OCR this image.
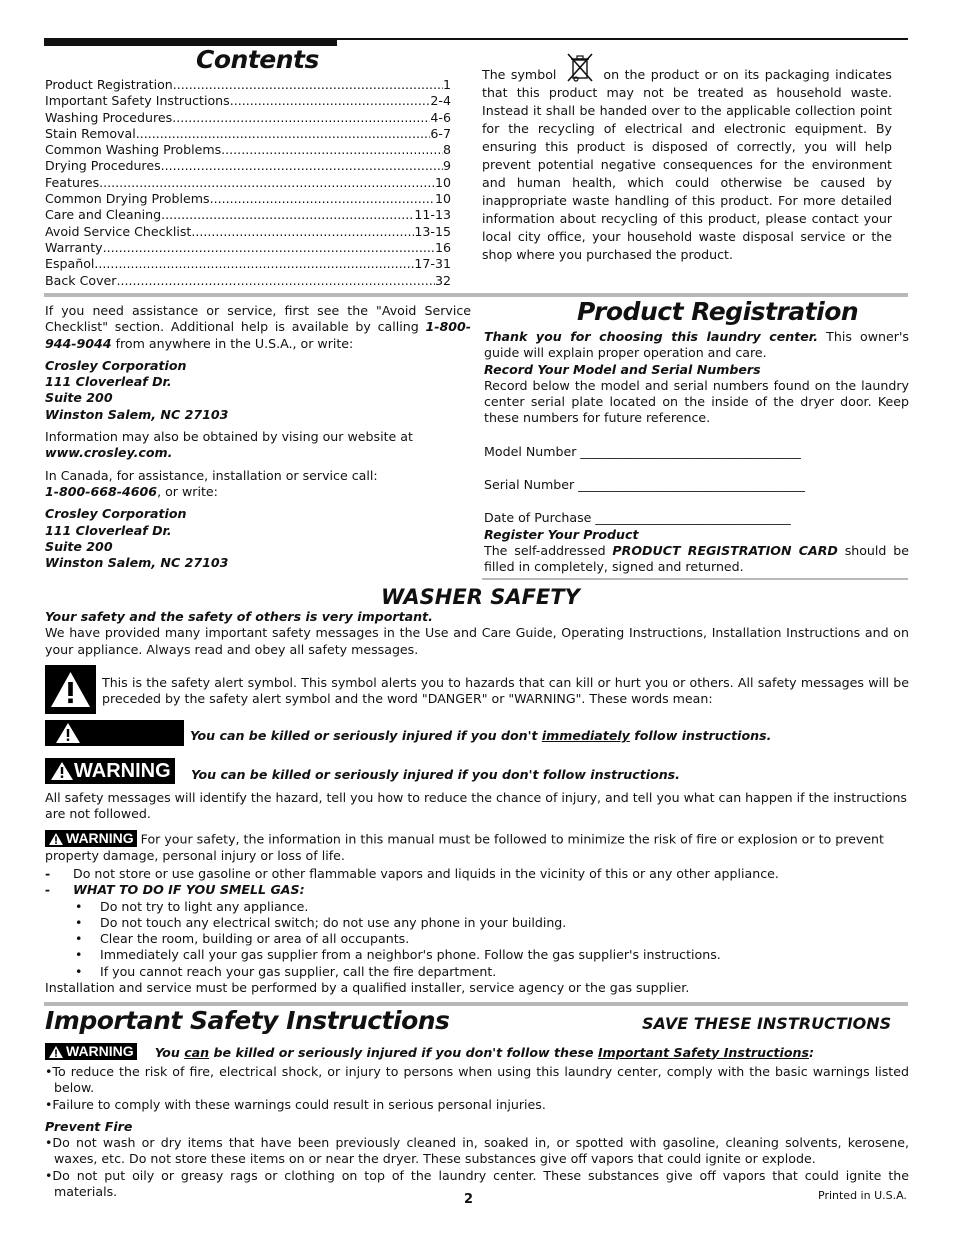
Contents
Product Registration .....	1
Important Safety Instructions .....	2-4
Washing Procedures .....	4-6
Stain Removal .....	6-7
Common Washing Problems .....	8
Drying Procedures .....	9
Features .....	10
Common Drying Problems .....	10
Care and Cleaning .....	11-13
Avoid Service Checklist .....	13-15
Warranty .....	16
Español .....	17-31
Back Cover .....	32
The symbol	on the product or on its packaging indicates that this product may not be treated as household waste. Instead it shall be handed over to the applicable collection point for the recycling of electrical and electronic equipment. By ensuring this product is disposed of correctly, you will help prevent potential negative consequences for the environment and human health, which could otherwise be caused by inappropriate waste handling of this product. For more detailed information about recycling of this product, please contact your local city office, your household waste disposal service or the shop where you purchased the product.

If you need assistance or service, first see the "Avoid Service Checklist" section. Additional help is available by calling 1-800-944-9044 from anywhere in the U.S.A., or write:

Crosley Corporation
111 Cloverleaf Dr.
Suite 200
Winston Salem, NC 27103

Information may also be obtained by vising our website at

www.crosley.com.

In Canada, for assistance, installation or service call:

1-800-668-4606, or write:

Crosley Corporation
111 Cloverleaf Dr.
Suite 200
Winston Salem, NC 27103
Product Registration

Thank you for choosing this laundry center. This owner's guide will explain proper operation and care.

Record Your Model and Serial Numbers

Record below the model and serial numbers found on the laundry center serial plate located on the inside of the dryer door. Keep these numbers for future reference.

Model Number ___________________________________

Serial Number ____________________________________

Date of Purchase _______________________________

Register Your Product

The self-addressed PRODUCT REGISTRATION CARD should be filled in completely, signed and returned.

WASHER SAFETY

Your safety and the safety of others is very important.

We have provided many important safety messages in the Use and Care Guide, Operating Instructions, Installation Instructions and on your appliance. Always read and obey all safety messages.

This is the safety alert symbol. This symbol alerts you to hazards that can kill or hurt you or others. All safety messages will be preceded by the safety alert symbol and the word "DANGER" or "WARNING". These words mean:
You can be killed or seriously injured if you don't immediately follow instructions.
WARNING You can be killed or seriously injured if you don't follow instructions.
All safety messages will identify the hazard, tell you how to reduce the chance of injury, and tell you what can happen if the instructions are not followed.
WARNING For your safety, the information in this manual must be followed to minimize the risk of fire or explosion or to prevent property damage, personal injury or loss of life.
- Do not store or use gasoline or other flammable vapors and liquids in the vicinity of this or any other appliance.
- WHAT TO DO IF YOU SMELL GAS:
• Do not try to light any appliance.
• Do not touch any electrical switch; do not use any phone in your building.
• Clear the room, building or area of all occupants.
• Immediately call your gas supplier from a neighbor's phone. Follow the gas supplier's instructions.
• If you cannot reach your gas supplier, call the fire department.
Installation and service must be performed by a qualified installer, service agency or the gas supplier.
Important Safety Instructions	SAVE THESE INSTRUCTIONS
WARNING You can be killed or seriously injured if you don't follow these Important Safety Instructions:

•To reduce the risk of fire, electrical shock, or injury to persons when using this laundry center, comply with the basic warnings listed below.

•Failure to comply with these warnings could result in serious personal injuries.

Prevent Fire

•Do not wash or dry items that have been previously cleaned in, soaked in, or spotted with gasoline, cleaning solvents, kerosene, waxes, etc. Do not store these items on or near the dryer. These substances give off vapors that could ignite or explode.

•Do not put oily or greasy rags or clothing on top of the laundry center. These substances give off vapors that could ignite the materials.

2	Printed in U.S.A.
